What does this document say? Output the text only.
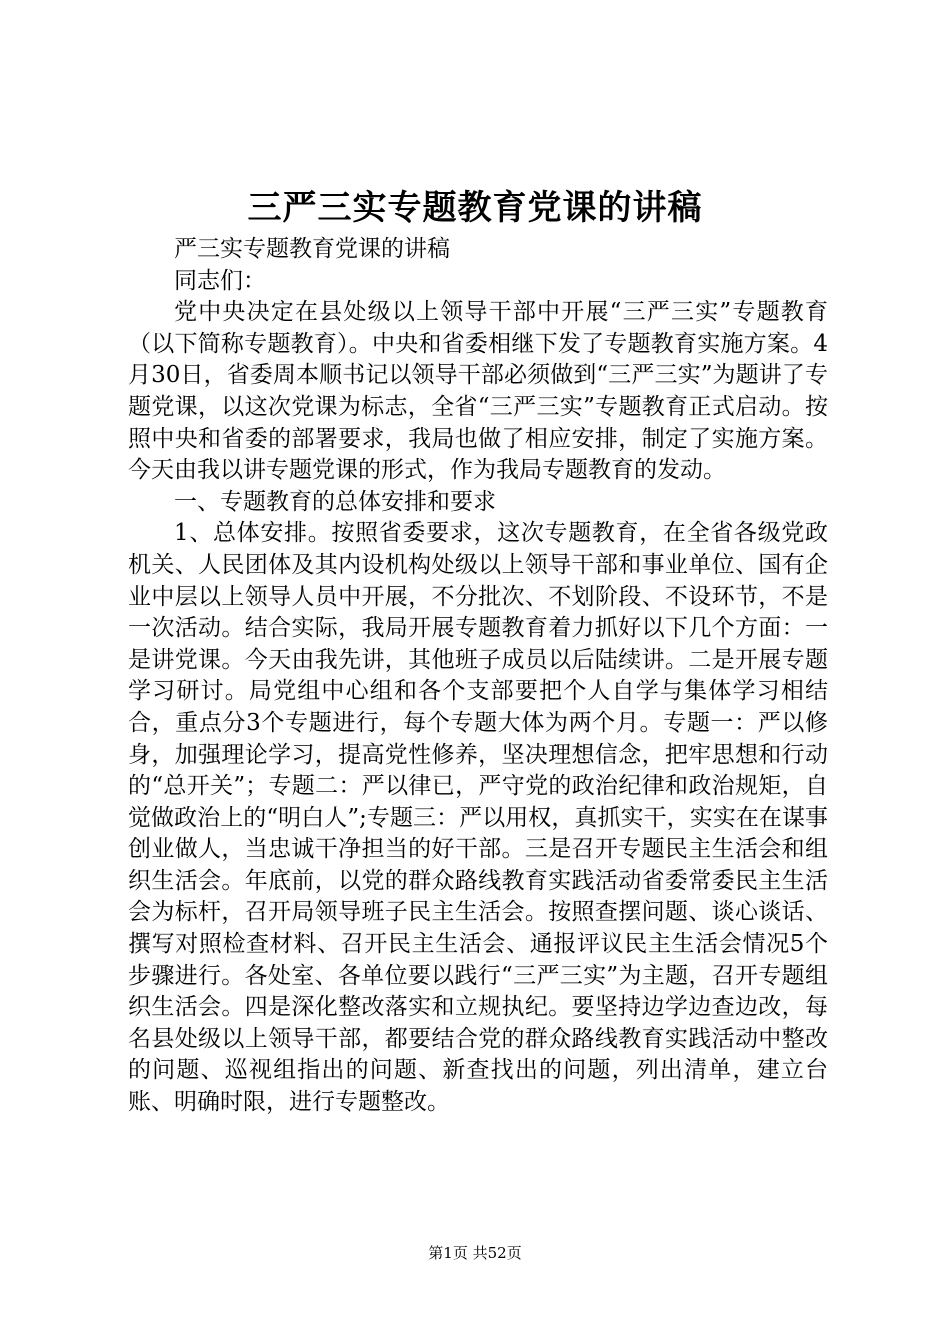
三严三实专题教育党课的讲稿

严三实专题教育党课的讲稿

同志们：

党中央决定在县处级以上领导干部中开展“三严三实”专题教育（以下简称专题教育）。中央和省委相继下发了专题教育实施方案。4月30日，省委周本顺书记以领导干部必须做到“三严三实”为题讲了专题党课，以这次党课为标志，全省“三严三实”专题教育正式启动。按照中央和省委的部署要求，我局也做了相应安排，制定了实施方案。今天由我以讲专题党课的形式，作为我局专题教育的发动。

一、专题教育的总体安排和要求

1、总体安排。按照省委要求，这次专题教育，在全省各级党政机关、人民团体及其内设机构处级以上领导干部和事业单位、国有企业中层以上领导人员中开展，不分批次、不划阶段、不设环节，不是一次活动。结合实际，我局开展专题教育着力抓好以下几个方面：一是讲党课。今天由我先讲，其他班子成员以后陆续讲。二是开展专题学习研讨。局党组中心组和各个支部要把个人自学与集体学习相结合，重点分3个专题进行，每个专题大体为两个月。专题一：严以修身，加强理论学习，提高党性修养，坚决理想信念，把牢思想和行动的“总开关”；专题二：严以律已，严守党的政治纪律和政治规矩，自觉做政治上的“明白人”;专题三：严以用权，真抓实干，实实在在谋事创业做人，当忠诚干净担当的好干部。三是召开专题民主生活会和组织生活会。年底前，以党的群众路线教育实践活动省委常委民主生活会为标杆，召开局领导班子民主生活会。按照查摆问题、谈心谈话、撰写对照检查材料、召开民主生活会、通报评议民主生活会情况5个步骤进行。各处室、各单位要以践行“三严三实”为主题，召开专题组织生活会。四是深化整改落实和立规执纪。要坚持边学边查边改，每名县处级以上领导干部，都要结合党的群众路线教育实践活动中整改的问题、巡视组指出的问题、新查找出的问题，列出清单，建立台账、明确时限，进行专题整改。

第1页 共52页
